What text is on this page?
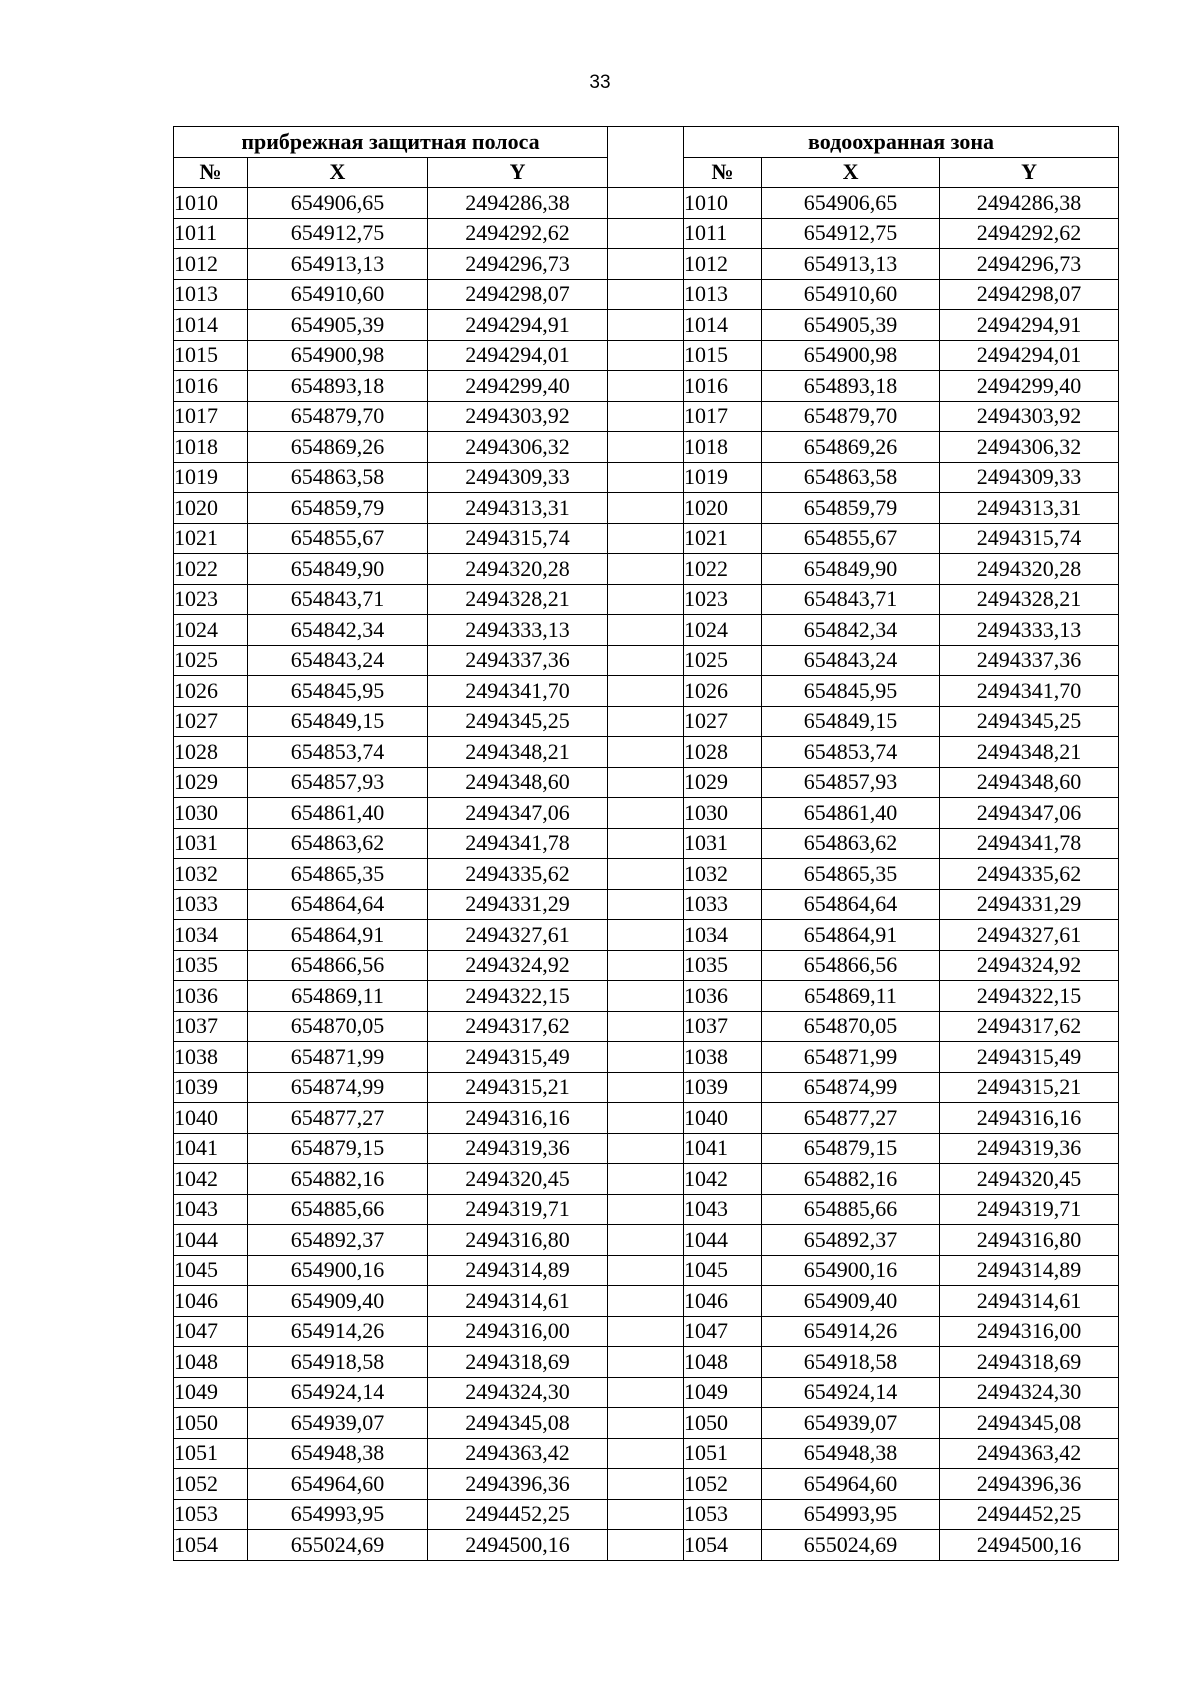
33
прибрежная защитная полоса				водоохранная зона		
№	X	Y		№	X	Y
1010	654906,65	2494286,38		1010	654906,65	2494286,38
1011	654912,75	2494292,62		1011	654912,75	2494292,62
1012	654913,13	2494296,73		1012	654913,13	2494296,73
1013	654910,60	2494298,07		1013	654910,60	2494298,07
1014	654905,39	2494294,91		1014	654905,39	2494294,91
1015	654900,98	2494294,01		1015	654900,98	2494294,01
1016	654893,18	2494299,40		1016	654893,18	2494299,40
1017	654879,70	2494303,92		1017	654879,70	2494303,92
1018	654869,26	2494306,32		1018	654869,26	2494306,32
1019	654863,58	2494309,33		1019	654863,58	2494309,33
1020	654859,79	2494313,31		1020	654859,79	2494313,31
1021	654855,67	2494315,74		1021	654855,67	2494315,74
1022	654849,90	2494320,28		1022	654849,90	2494320,28
1023	654843,71	2494328,21		1023	654843,71	2494328,21
1024	654842,34	2494333,13		1024	654842,34	2494333,13
1025	654843,24	2494337,36		1025	654843,24	2494337,36
1026	654845,95	2494341,70		1026	654845,95	2494341,70
1027	654849,15	2494345,25		1027	654849,15	2494345,25
1028	654853,74	2494348,21		1028	654853,74	2494348,21
1029	654857,93	2494348,60		1029	654857,93	2494348,60
1030	654861,40	2494347,06		1030	654861,40	2494347,06
1031	654863,62	2494341,78		1031	654863,62	2494341,78
1032	654865,35	2494335,62		1032	654865,35	2494335,62
1033	654864,64	2494331,29		1033	654864,64	2494331,29
1034	654864,91	2494327,61		1034	654864,91	2494327,61
1035	654866,56	2494324,92		1035	654866,56	2494324,92
1036	654869,11	2494322,15		1036	654869,11	2494322,15
1037	654870,05	2494317,62		1037	654870,05	2494317,62
1038	654871,99	2494315,49		1038	654871,99	2494315,49
1039	654874,99	2494315,21		1039	654874,99	2494315,21
1040	654877,27	2494316,16		1040	654877,27	2494316,16
1041	654879,15	2494319,36		1041	654879,15	2494319,36
1042	654882,16	2494320,45		1042	654882,16	2494320,45
1043	654885,66	2494319,71		1043	654885,66	2494319,71
1044	654892,37	2494316,80		1044	654892,37	2494316,80
1045	654900,16	2494314,89		1045	654900,16	2494314,89
1046	654909,40	2494314,61		1046	654909,40	2494314,61
1047	654914,26	2494316,00		1047	654914,26	2494316,00
1048	654918,58	2494318,69		1048	654918,58	2494318,69
1049	654924,14	2494324,30		1049	654924,14	2494324,30
1050	654939,07	2494345,08		1050	654939,07	2494345,08
1051	654948,38	2494363,42		1051	654948,38	2494363,42
1052	654964,60	2494396,36		1052	654964,60	2494396,36
1053	654993,95	2494452,25		1053	654993,95	2494452,25
1054	655024,69	2494500,16		1054	655024,69	2494500,16
